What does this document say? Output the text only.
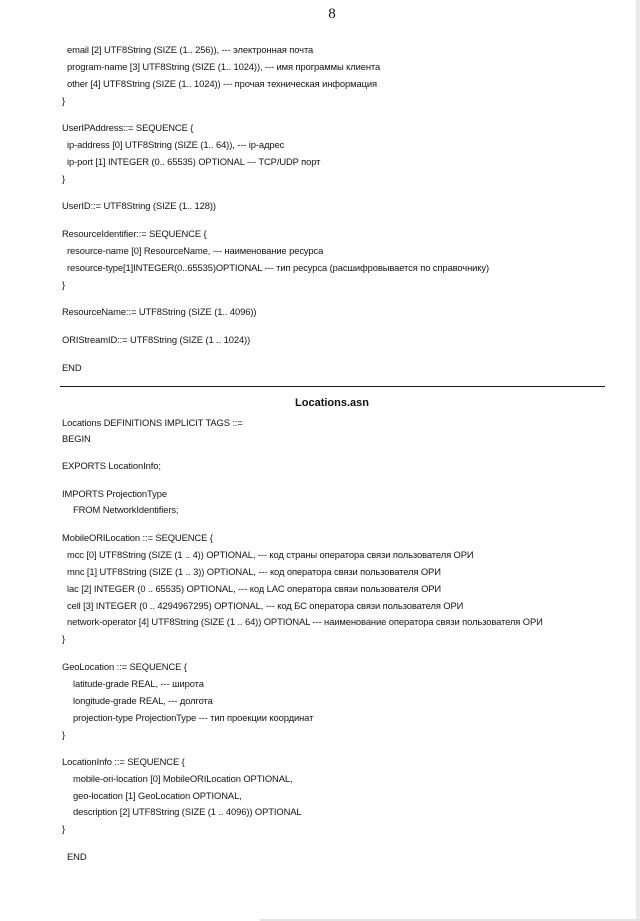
8
email [2] UTF8String (SIZE (1.. 256)), --- электронная почта
program-name [3] UTF8String (SIZE (1.. 1024)), --- имя программы клиента
other [4] UTF8String (SIZE (1.. 1024)) --- прочая техническая информация
}
UserIPAddress::= SEQUENCE {
ip-address [0] UTF8String (SIZE (1.. 64)), --- ip-адрес
ip-port [1] INTEGER (0.. 65535) OPTIONAL --- TCP/UDP порт
}
UserID::= UTF8String (SIZE (1.. 128))
ResourceIdentifier::= SEQUENCE {
resource-name [0] ResourceName, --- наименование ресурса
resource-type[1]INTEGER(0..65535)OPTIONAL --- тип ресурса (расшифровывается по справочнику)
}
ResourceName::= UTF8String (SIZE (1.. 4096))
ORIStreamID::= UTF8String (SIZE (1 .. 1024))
END
Locations DEFINITIONS IMPLICIT TAGS ::=
BEGIN
EXPORTS LocationInfo;
IMPORTS ProjectionType
FROM NetworkIdentifiers;
MobileORILocation ::= SEQUENCE {
mcc [0] UTF8String (SIZE (1 .. 4)) OPTIONAL, --- код страны оператора связи пользователя ОРИ
mnc [1] UTF8String (SIZE (1 .. 3)) OPTIONAL, --- код оператора связи пользователя ОРИ
lac [2] INTEGER (0 .. 65535) OPTIONAL, --- код LAC оператора связи пользователя ОРИ
cell [3] INTEGER (0 .. 4294967295) OPTIONAL, --- код БС оператора связи пользователя ОРИ
network-operator [4] UTF8String (SIZE (1 .. 64)) OPTIONAL --- наименование оператора связи пользователя ОРИ
}
GeoLocation ::= SEQUENCE {
latitude-grade REAL, --- широта
longitude-grade REAL, --- долгота
projection-type ProjectionType --- тип проекции координат
}
LocationInfo ::= SEQUENCE {
mobile-ori-location [0] MobileORILocation OPTIONAL,
geo-location [1] GeoLocation OPTIONAL,
description [2] UTF8String (SIZE (1 .. 4096)) OPTIONAL
}
END
Locations.asn
